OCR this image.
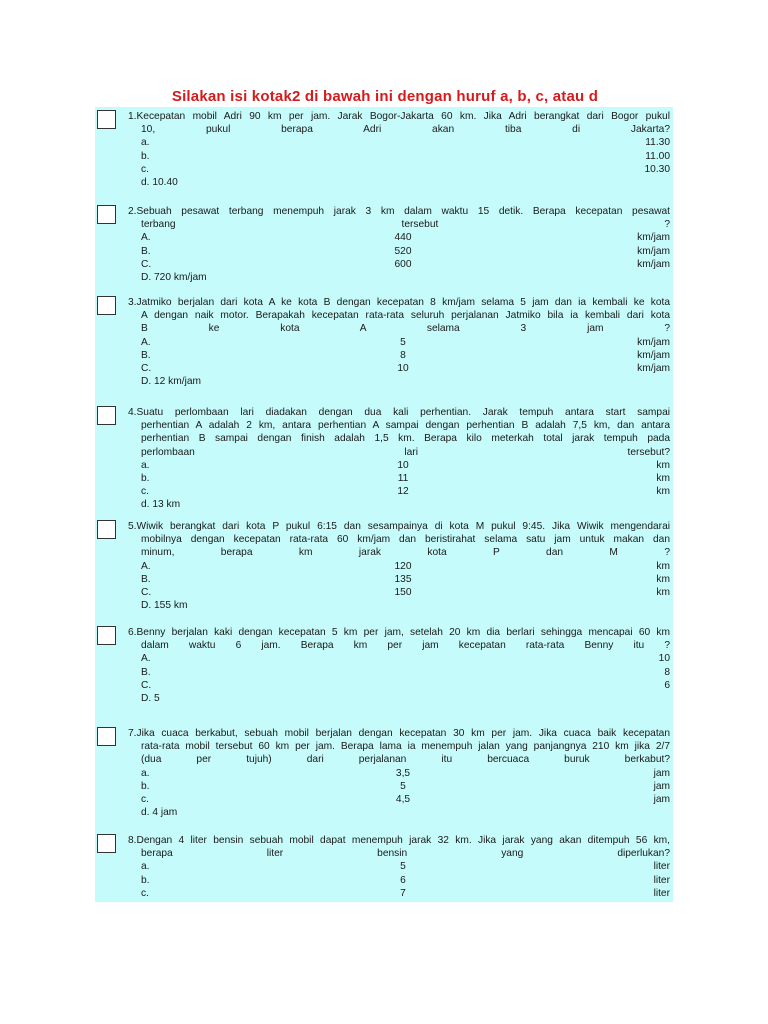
Silakan isi kotak2 di bawah ini dengan huruf a, b, c, atau d
1.Kecepatan mobil Adri 90 km per jam. Jarak Bogor-Jakarta 60 km. Jika Adri berangkat dari Bogor pukul
10, pukul berapa Adri akan tiba di Jakarta?
a.	11.30
b.	11.00
c.	10.30
d. 10.40
2.Sebuah pesawat terbang menempuh jarak 3 km dalam waktu 15 detik. Berapa kecepatan pesawat
terbang tersebut ?
A.	440	km/jam
B.	520	km/jam
C.	600	km/jam
D. 720 km/jam
3.Jatmiko berjalan dari kota A ke kota B dengan kecepatan 8 km/jam selama 5 jam dan ia kembali ke kota
A dengan naik motor. Berapakah kecepatan rata-rata seluruh perjalanan Jatmiko bila ia kembali dari kota
B ke kota A selama 3 jam ?
A.	5	km/jam
B.	8	km/jam
C.	10	km/jam
D. 12 km/jam
4.Suatu perlombaan lari diadakan dengan dua kali perhentian. Jarak tempuh antara start sampai
perhentian A adalah 2 km, antara perhentian A sampai dengan perhentian B adalah 7,5 km, dan antara
perhentian B sampai dengan finish adalah 1,5 km. Berapa kilo meterkah total jarak tempuh pada
perlombaan lari tersebut?
a.	10	km
b.	11	km
c.	12	km
d. 13 km
5.Wiwik berangkat dari kota P pukul 6:15 dan sesampainya di kota M pukul 9:45. Jika Wiwik mengendarai
mobilnya dengan kecepatan rata-rata 60 km/jam dan beristirahat selama satu jam untuk makan dan
minum, berapa km jarak kota P dan M ?
A.	120	km
B.	135	km
C.	150	km
D. 155 km
6.Benny berjalan kaki dengan kecepatan 5 km per jam, setelah 20 km dia berlari sehingga mencapai 60 km
dalam waktu 6 jam. Berapa km per jam kecepatan rata-rata Benny itu ?
A.	10
B.	8
C.	6
D. 5
7.Jika cuaca berkabut, sebuah mobil berjalan dengan kecepatan 30 km per jam. Jika cuaca baik kecepatan
rata-rata mobil tersebut 60 km per jam. Berapa lama ia menempuh jalan yang panjangnya 210 km jika 2/7
(dua per tujuh) dari perjalanan itu bercuaca buruk berkabut?
a.	3,5	jam
b.	5	jam
c.	4,5	jam
d. 4 jam
8.Dengan 4 liter bensin sebuah mobil dapat menempuh jarak 32 km. Jika jarak yang akan ditempuh 56 km,
berapa liter bensin yang diperlukan?
a.	5	liter
b.	6	liter
c.	7	liter
